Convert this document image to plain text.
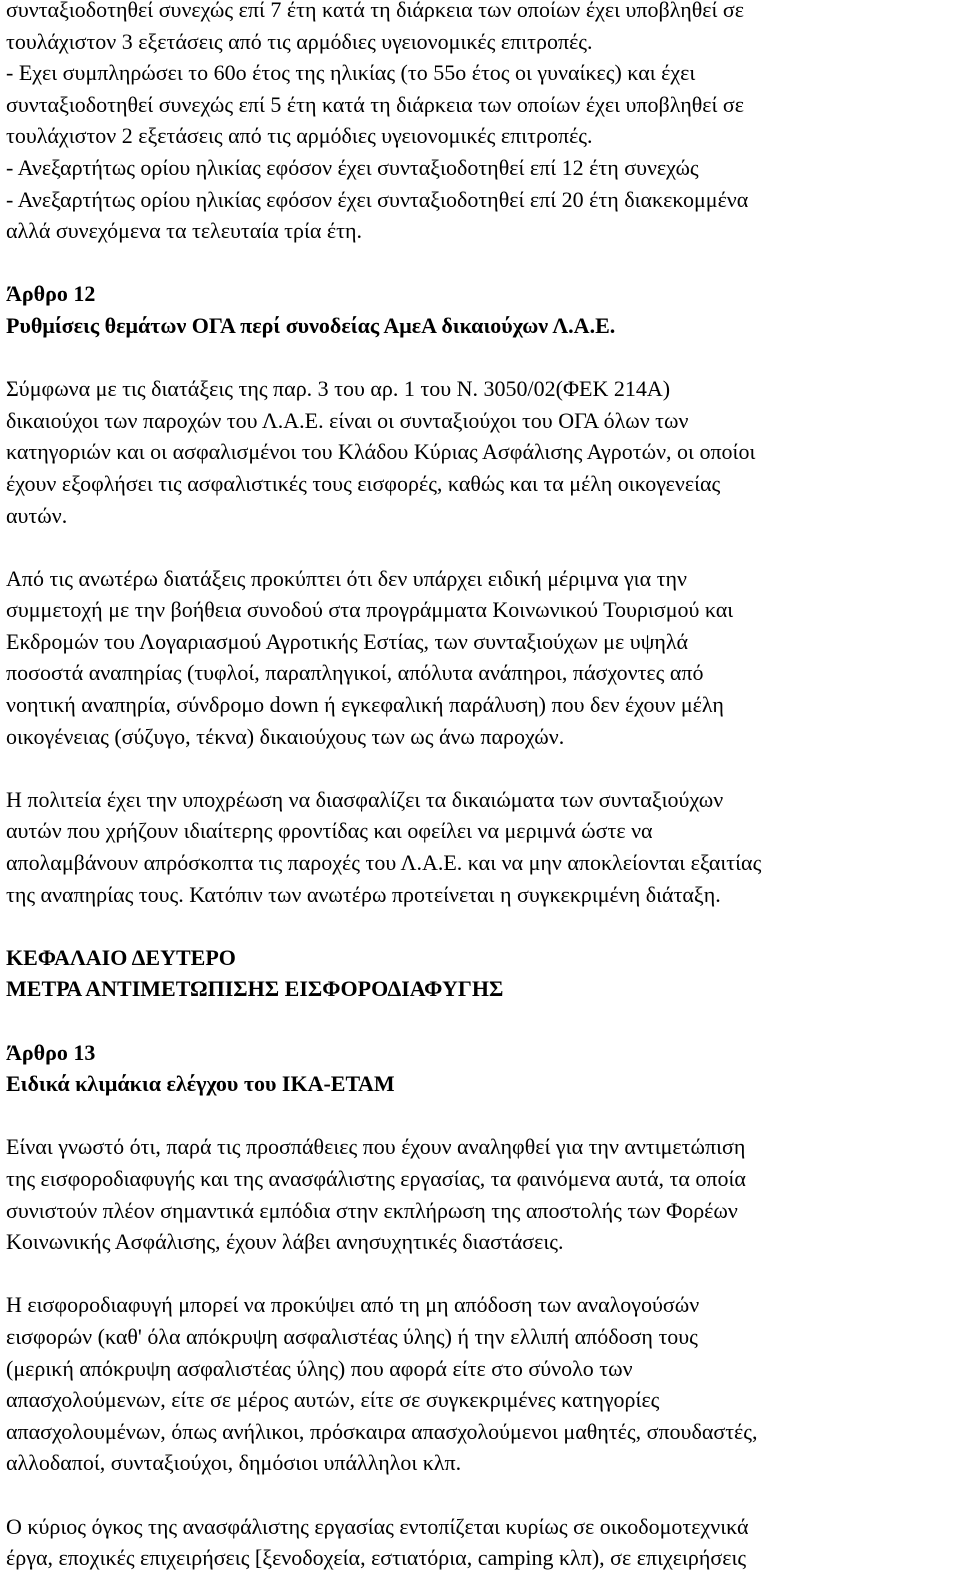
συνταξιοδοτηθεί συνεχώς επί 7 έτη κατά τη διάρκεια των οποίων έχει υποβληθεί σε
τουλάχιστον 3 εξετάσεις από τις αρμόδιες υγειονομικές επιτροπές.
- Εχει συμπληρώσει το 60ο έτος της ηλικίας (το 55ο έτος οι γυναίκες) και έχει
συνταξιοδοτηθεί συνεχώς επί 5 έτη κατά τη διάρκεια των οποίων έχει υποβληθεί σε
τουλάχιστον 2 εξετάσεις από τις αρμόδιες υγειονομικές επιτροπές.
- Ανεξαρτήτως ορίου ηλικίας εφόσον έχει συνταξιοδοτηθεί επί 12 έτη συνεχώς
- Ανεξαρτήτως ορίου ηλικίας εφόσον έχει συνταξιοδοτηθεί επί 20 έτη διακεκομμένα
αλλά συνεχόμενα τα τελευταία τρία έτη.

Άρθρο 12
Ρυθμίσεις θεμάτων ΟΓΑ περί συνοδείας ΑμεΑ δικαιούχων Λ.Α.Ε.

Σύμφωνα με τις διατάξεις της παρ. 3 του αρ. 1 του Ν. 3050/02(ΦΕΚ 214Α)
δικαιούχοι των παροχών του Λ.Α.Ε. είναι οι συνταξιούχοι του ΟΓΑ όλων των
κατηγοριών και οι ασφαλισμένοι του Κλάδου Κύριας Ασφάλισης Αγροτών, οι οποίοι
έχουν εξοφλήσει τις ασφαλιστικές τους εισφορές, καθώς και τα μέλη οικογενείας
αυτών.

Από τις ανωτέρω διατάξεις προκύπτει ότι δεν υπάρχει ειδική μέριμνα για την
συμμετοχή με την βοήθεια συνοδού στα προγράμματα Κοινωνικού Τουρισμού και
Εκδρομών του Λογαριασμού Αγροτικής Εστίας, των συνταξιούχων με υψηλά
ποσοστά αναπηρίας (τυφλοί, παραπληγικοί, απόλυτα ανάπηροι, πάσχοντες από
νοητική αναπηρία, σύνδρομο down ή εγκεφαλική παράλυση) που δεν έχουν μέλη
οικογένειας (σύζυγο, τέκνα) δικαιούχους των ως άνω παροχών.

Η πολιτεία έχει την υποχρέωση να διασφαλίζει τα δικαιώματα των συνταξιούχων
αυτών που χρήζουν ιδιαίτερης φροντίδας και οφείλει να μεριμνά ώστε να
απολαμβάνουν απρόσκοπτα τις παροχές του Λ.Α.Ε. και να μην αποκλείονται εξαιτίας
της αναπηρίας τους. Κατόπιν των ανωτέρω προτείνεται η συγκεκριμένη διάταξη.

ΚΕΦΑΛΑΙΟ ΔΕΥΤΕΡΟ
ΜΕΤΡΑ ΑΝΤΙΜΕΤΩΠΙΣΗΣ ΕΙΣΦΟΡΟΔΙΑΦΥΓΗΣ
Άρθρο 13
Ειδικά κλιμάκια ελέγχου του ΙΚΑ-ΕΤΑΜ

Είναι γνωστό ότι, παρά τις προσπάθειες που έχουν αναληφθεί για την αντιμετώπιση
της εισφοροδιαφυγής και της ανασφάλιστης εργασίας, τα φαινόμενα αυτά, τα οποία
συνιστούν πλέον σημαντικά εμπόδια στην εκπλήρωση της αποστολής των Φορέων
Κοινωνικής Ασφάλισης, έχουν λάβει ανησυχητικές διαστάσεις.

Η εισφοροδιαφυγή μπορεί να προκύψει από τη μη απόδοση των αναλογούσών
εισφορών (καθ' όλα απόκρυψη ασφαλιστέας ύλης) ή την ελλιπή απόδοση τους
(μερική απόκρυψη ασφαλιστέας ύλης) που αφορά είτε στο σύνολο των
απασχολούμενων, είτε σε μέρος αυτών, είτε σε συγκεκριμένες κατηγορίες
απασχολουμένων, όπως ανήλικοι, πρόσκαιρα απασχολούμενοι μαθητές, σπουδαστές,
αλλοδαποί, συνταξιούχοι, δημόσιοι υπάλληλοι κλπ.

Ο κύριος όγκος της ανασφάλιστης εργασίας εντοπίζεται κυρίως σε οικοδομοτεχνικά
έργα, εποχικές επιχειρήσεις [ξενοδοχεία, εστιατόρια, camping κλπ), σε επιχειρήσεις
